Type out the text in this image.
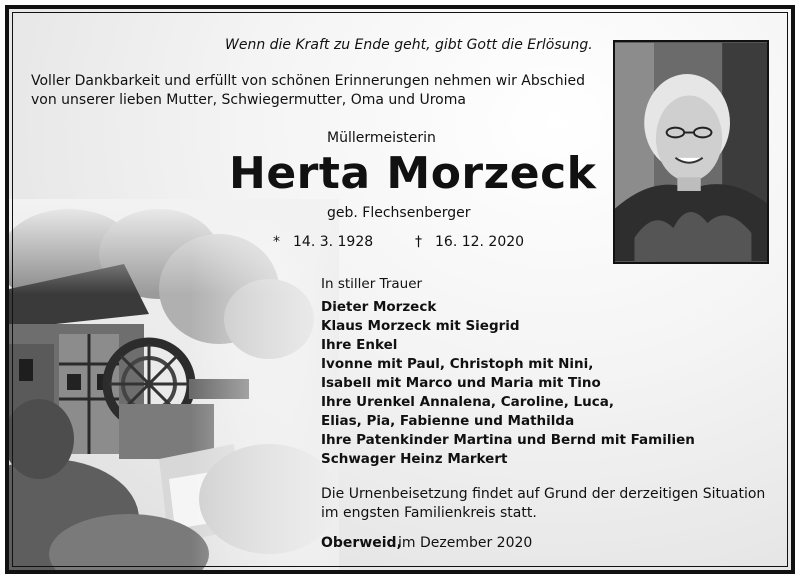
Wenn die Kraft zu Ende geht, gibt Gott die Erlösung.
Voller Dankbarkeit und erfüllt von schönen Erinnerungen nehmen wir Abschied
von unserer lieben Mutter, Schwiegermutter, Oma und Uroma
Müllermeisterin
Herta Morzeck
geb. Flechsenberger
* 14. 3. 1928	† 16. 12. 2020
In stiller Trauer
Dieter Morzeck
Klaus Morzeck mit Siegrid
Ihre Enkel
Ivonne mit Paul, Christoph mit Nini,
Isabell mit Marco und Maria mit Tino
Ihre Urenkel Annalena, Caroline, Luca,
Elias, Pia, Fabienne und Mathilda
Ihre Patenkinder Martina und Bernd mit Familien
Schwager Heinz Markert
Die Urnenbeisetzung findet auf Grund der derzeitigen Situation
im engsten Familienkreis statt.
Oberweid,
im Dezember 2020
